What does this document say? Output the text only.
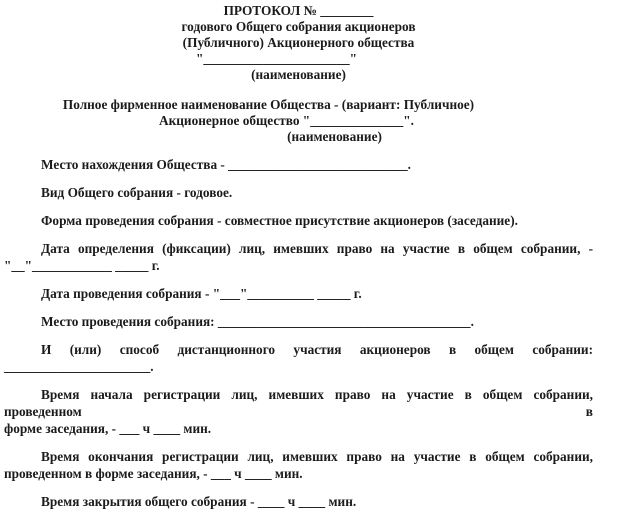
ПРОТОКОЛ № ________
годового Общего собрания акционеров
(Публичного) Акционерного общества
"______________________"
(наименование)
Полное фирменное наименование Общества - (вариант: Публичное)
Акционерное общество "______________".
(наименование)
Место нахождения Общества - ___________________________.
Вид Общего собрания - годовое.
Форма проведения собрания - совместное присутствие акционеров (заседание).
Дата определения (фиксации) лиц, имевших право на участие в общем собрании, -
"__"____________ _____ г.
Дата проведения собрания - "___"__________ _____ г.
Место проведения собрания: ______________________________________.
И (или) способ дистанционного участия акционеров в общем собрании:
______________________.
Время начала регистрации лиц, имевших право на участие в общем собрании, проведенном в
форме заседания, - ___ ч ____ мин.
Время окончания регистрации лиц, имевших право на участие в общем собрании,
проведенном в форме заседания, - ___ ч ____ мин.
Время закрытия общего собрания - ____ ч ____ мин.
